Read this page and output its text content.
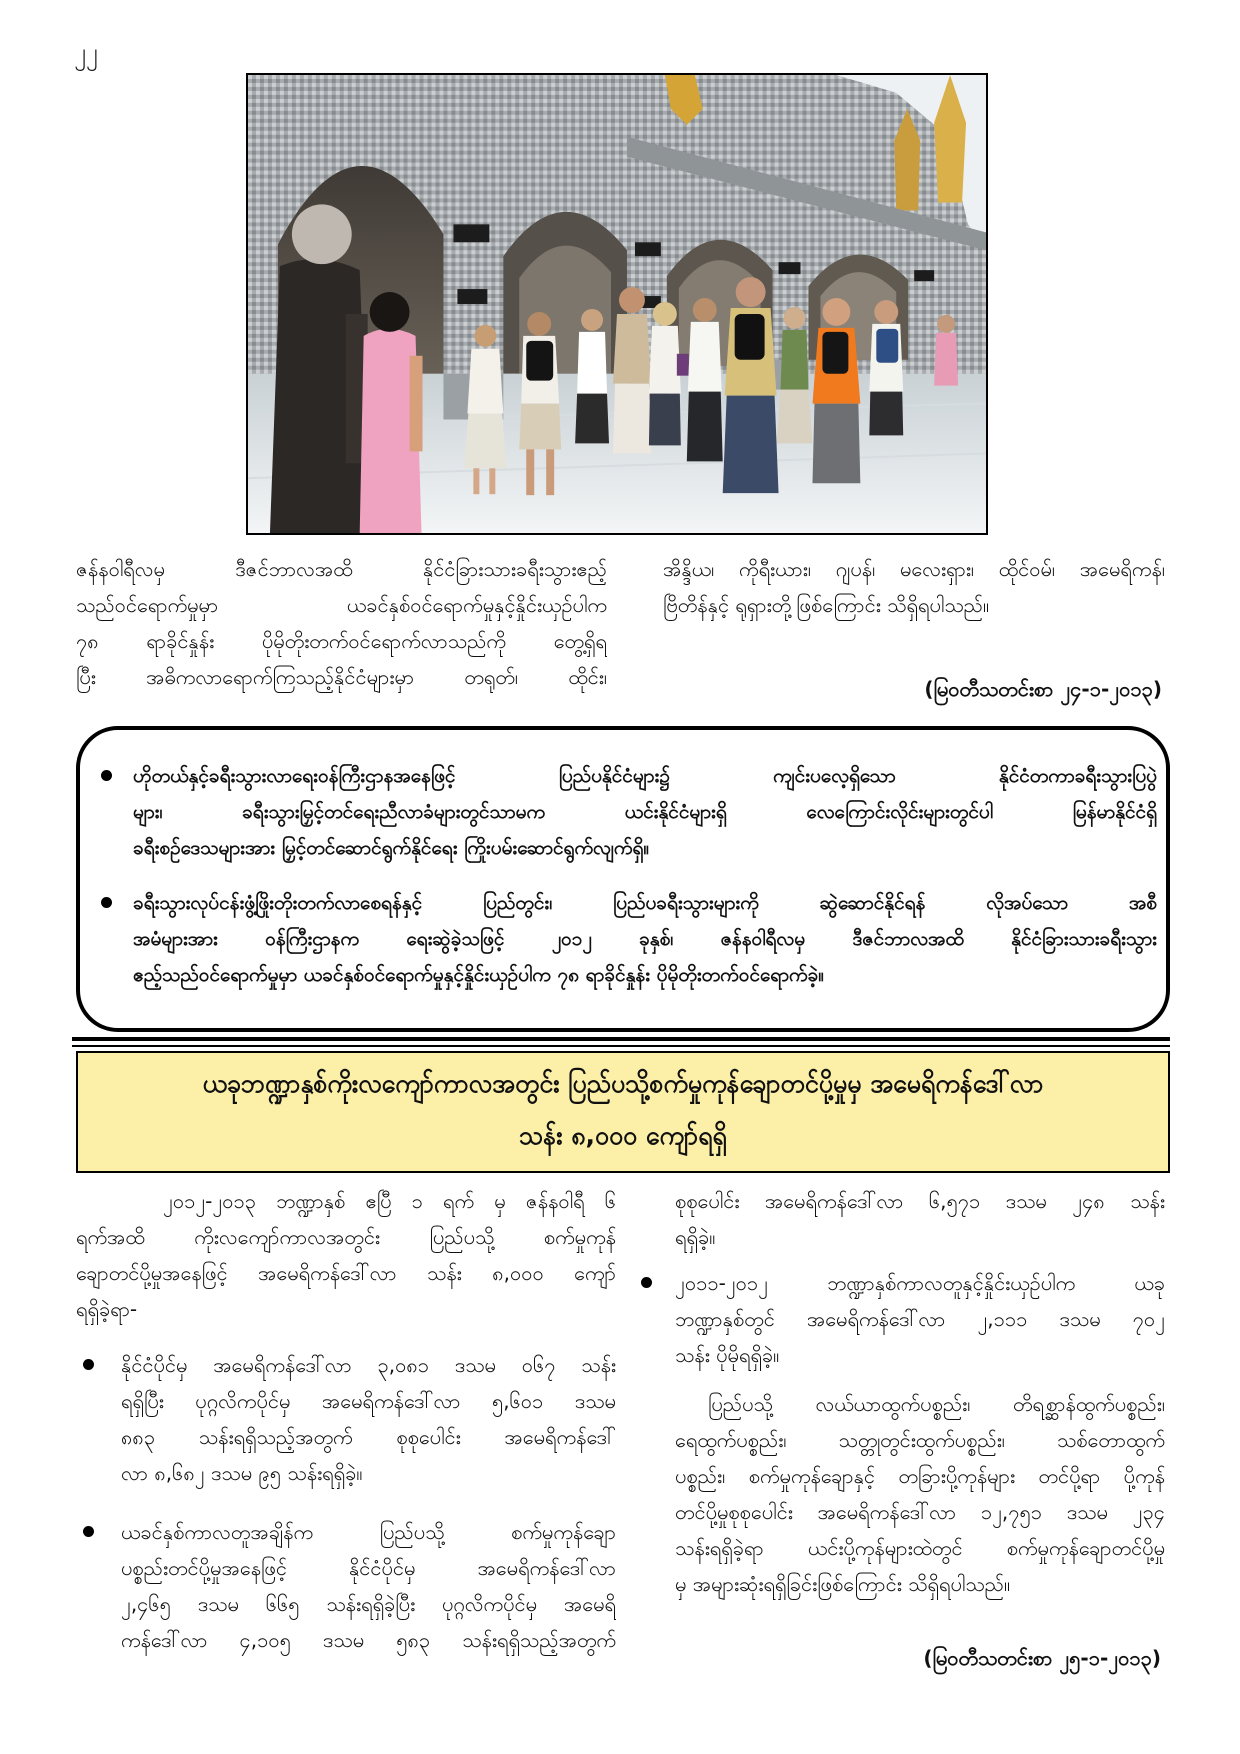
၂၂
ဇန်နဝါရီလမှ ဒီဇင်ဘာလအထိ နိုင်ငံခြားသားခရီးသွားဧည့်
သည်ဝင်ရောက်မှုမှာ ယခင်နှစ်ဝင်ရောက်မှုနှင့်နှိုင်းယှဉ်ပါက
၇၈ ရာခိုင်နှုန်း ပိုမိုတိုးတက်ဝင်ရောက်လာသည်ကို တွေ့ရှိရ
ပြီး အဓိကလာရောက်ကြသည့်နိုင်ငံများမှာ တရုတ်၊ ထိုင်း၊
အိန္ဒိယ၊ ကိုရီးယား၊ ဂျပန်၊ မလေးရှား၊ ထိုင်ဝမ်၊ အမေရိကန်၊
ဗြိတိန်နှင့် ရုရှားတို့ဖြစ်ကြောင်း သိရှိရပါသည်။
(မြဝတီသတင်းစာ ၂၄-၁-၂၀၁၃)
ဟိုတယ်နှင့်ခရီးသွားလာရေးဝန်ကြီးဌာနအနေဖြင့် ပြည်ပနိုင်ငံများ၌ ကျင်းပလေ့ရှိသော နိုင်ငံတကာခရီးသွားပြပွဲ
များ၊ ခရီးသွားမြှင့်တင်ရေးညီလာခံများတွင်သာမက ယင်းနိုင်ငံများရှိ လေကြောင်းလိုင်းများတွင်ပါ မြန်မာနိုင်ငံရှိ
ခရီးစဉ်ဒေသများအား မြှင့်တင်ဆောင်ရွက်နိုင်ရေး ကြိုးပမ်းဆောင်ရွက်လျက်ရှိ။
ခရီးသွားလုပ်ငန်းဖွံ့ဖြိုးတိုးတက်လာစေရန်နှင့် ပြည်တွင်း၊ ပြည်ပခရီးသွားများကို ဆွဲဆောင်နိုင်ရန် လိုအပ်သော အစီ
အမံများအား ဝန်ကြီးဌာနက ရေးဆွဲခဲ့သဖြင့် ၂၀၁၂ ခုနှစ်၊ ဇန်နဝါရီလမှ ဒီဇင်ဘာလအထိ နိုင်ငံခြားသားခရီးသွား
ဧည့်သည်ဝင်ရောက်မှုမှာ ယခင်နှစ်ဝင်ရောက်မှုနှင့်နှိုင်းယှဉ်ပါက ၇၈ ရာခိုင်နှုန်း ပိုမိုတိုးတက်ဝင်ရောက်ခဲ့။
ယခုဘဏ္ဍာနှစ်ကိုးလကျော်ကာလအတွင်း ပြည်ပသို့စက်မှုကုန်ချောတင်ပို့မှုမှ အမေရိကန်ဒေါ်လာ
သန်း ၈,၀၀၀ ကျော်ရရှိ
၂၀၁၂-၂၀၁၃ ဘဏ္ဍာနှစ် ဧပြီ ၁ ရက် မှ ဇန်နဝါရီ ၆
ရက်အထိ ကိုးလကျော်ကာလအတွင်း ပြည်ပသို့ စက်မှုကုန်
ချောတင်ပို့မှုအနေဖြင့် အမေရိကန်ဒေါ်လာ သန်း ၈,၀၀၀ ကျော်
ရရှိခဲ့ရာ-
နိုင်ငံပိုင်မှ အမေရိကန်ဒေါ်လာ ၃,၀၈၁ ဒသမ ၀၆၇ သန်း
ရရှိပြီး ပုဂ္ဂလိကပိုင်မှ အမေရိကန်ဒေါ်လာ ၅,၆၀၁ ဒသမ
၈၈၃ သန်းရရှိသည့်အတွက် စုစုပေါင်း အမေရိကန်ဒေါ်
လာ ၈,၆၈၂ ဒသမ ၉၅ သန်းရရှိခဲ့။
ယခင်နှစ်ကာလတူအချိန်က ပြည်ပသို့ စက်မှုကုန်ချော
ပစ္စည်းတင်ပို့မှုအနေဖြင့် နိုင်ငံပိုင်မှ အမေရိကန်ဒေါ်လာ
၂,၄၆၅ ဒသမ ၆၆၅ သန်းရရှိခဲ့ပြီး ပုဂ္ဂလိကပိုင်မှ အမေရိ
ကန်ဒေါ်လာ ၄,၁၀၅ ဒသမ ၅၈၃ သန်းရရှိသည့်အတွက်
စုစုပေါင်း အမေရိကန်ဒေါ်လာ ၆,၅၇၁ ဒသမ ၂၄၈ သန်း
ရရှိခဲ့။
၂၀၁၁-၂၀၁၂ ဘဏ္ဍာနှစ်ကာလတူနှင့်နှိုင်းယှဉ်ပါက ယခု
ဘဏ္ဍာနှစ်တွင် အမေရိကန်ဒေါ်လာ ၂,၁၁၁ ဒသမ ၇၀၂
သန်း ပိုမိုရရှိခဲ့။
ပြည်ပသို့ လယ်ယာထွက်ပစ္စည်း၊ တိရစ္ဆာန်ထွက်ပစ္စည်း၊
ရေထွက်ပစ္စည်း၊ သတ္တုတွင်းထွက်ပစ္စည်း၊ သစ်တောထွက်
ပစ္စည်း၊ စက်မှုကုန်ချောနှင့် တခြားပို့ကုန်များ တင်ပို့ရာ ပို့ကုန်
တင်ပို့မှုစုစုပေါင်း အမေရိကန်ဒေါ်လာ ၁၂,၇၅၁ ဒသမ ၂၃၄
သန်းရရှိခဲ့ရာ ယင်းပို့ကုန်များထဲတွင် စက်မှုကုန်ချောတင်ပို့မှု
မှ အများဆုံးရရှိခြင်းဖြစ်ကြောင်း သိရှိရပါသည်။
(မြဝတီသတင်းစာ ၂၅-၁-၂၀၁၃)
